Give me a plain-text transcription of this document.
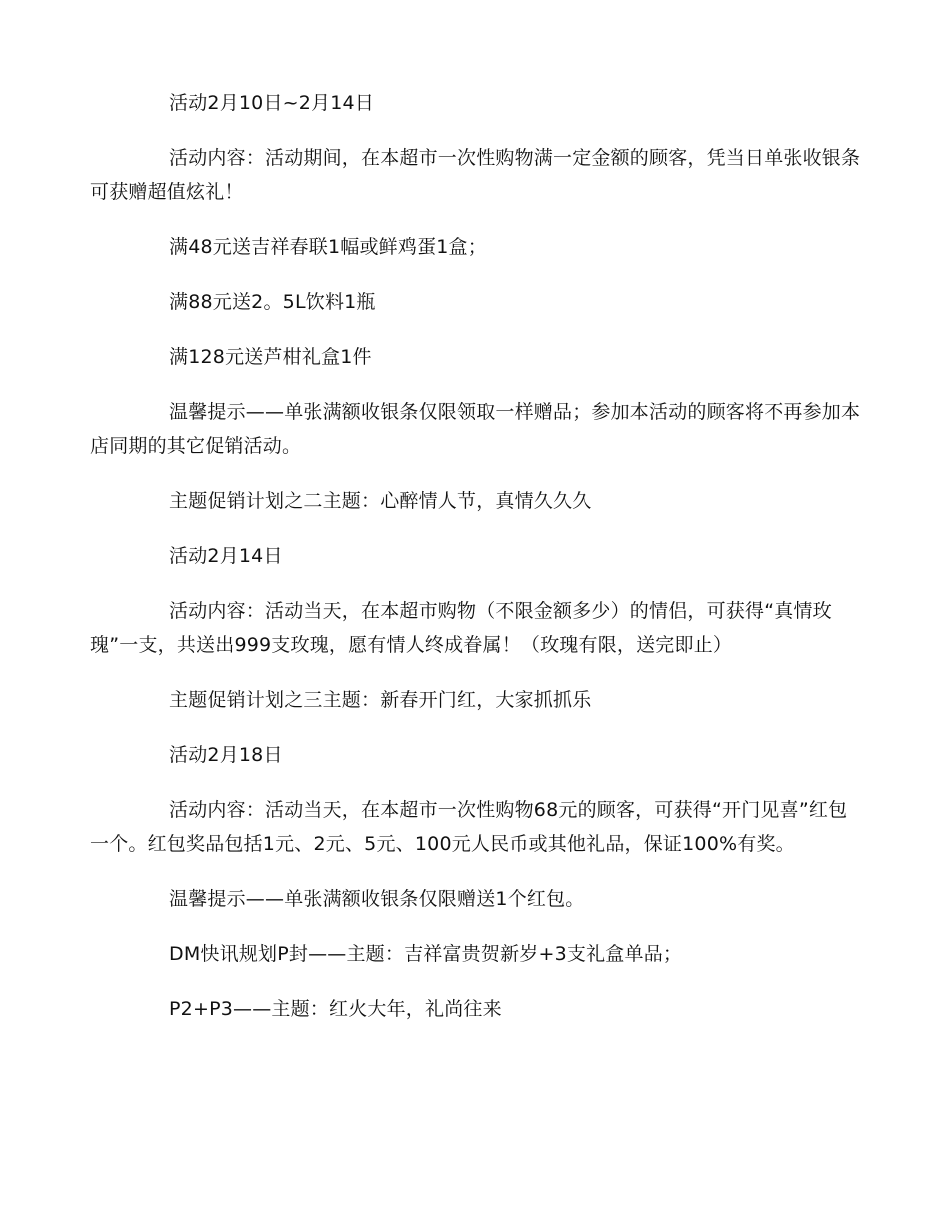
活动2月10日~2月14日

活动内容：活动期间，在本超市一次性购物满一定金额的顾客，凭当日单张收银条可获赠超值炫礼！

满48元送吉祥春联1幅或鲜鸡蛋1盒；

满88元送2。5L饮料1瓶

满128元送芦柑礼盒1件

温馨提示——单张满额收银条仅限领取一样赠品；参加本活动的顾客将不再参加本店同期的其它促销活动。

主题促销计划之二主题：心醉情人节，真情久久久

活动2月14日

活动内容：活动当天，在本超市购物（不限金额多少）的情侣，可获得“真情玫瑰”一支，共送出999支玫瑰，愿有情人终成眷属！（玫瑰有限，送完即止）

主题促销计划之三主题：新春开门红，大家抓抓乐

活动2月18日

活动内容：活动当天，在本超市一次性购物68元的顾客，可获得“开门见喜”红包一个。红包奖品包括1元、2元、5元、100元人民币或其他礼品，保证100%有奖。

温馨提示——单张满额收银条仅限赠送1个红包。

DM快讯规划P封——主题：吉祥富贵贺新岁+3支礼盒单品；

P2+P3——主题：红火大年，礼尚往来
